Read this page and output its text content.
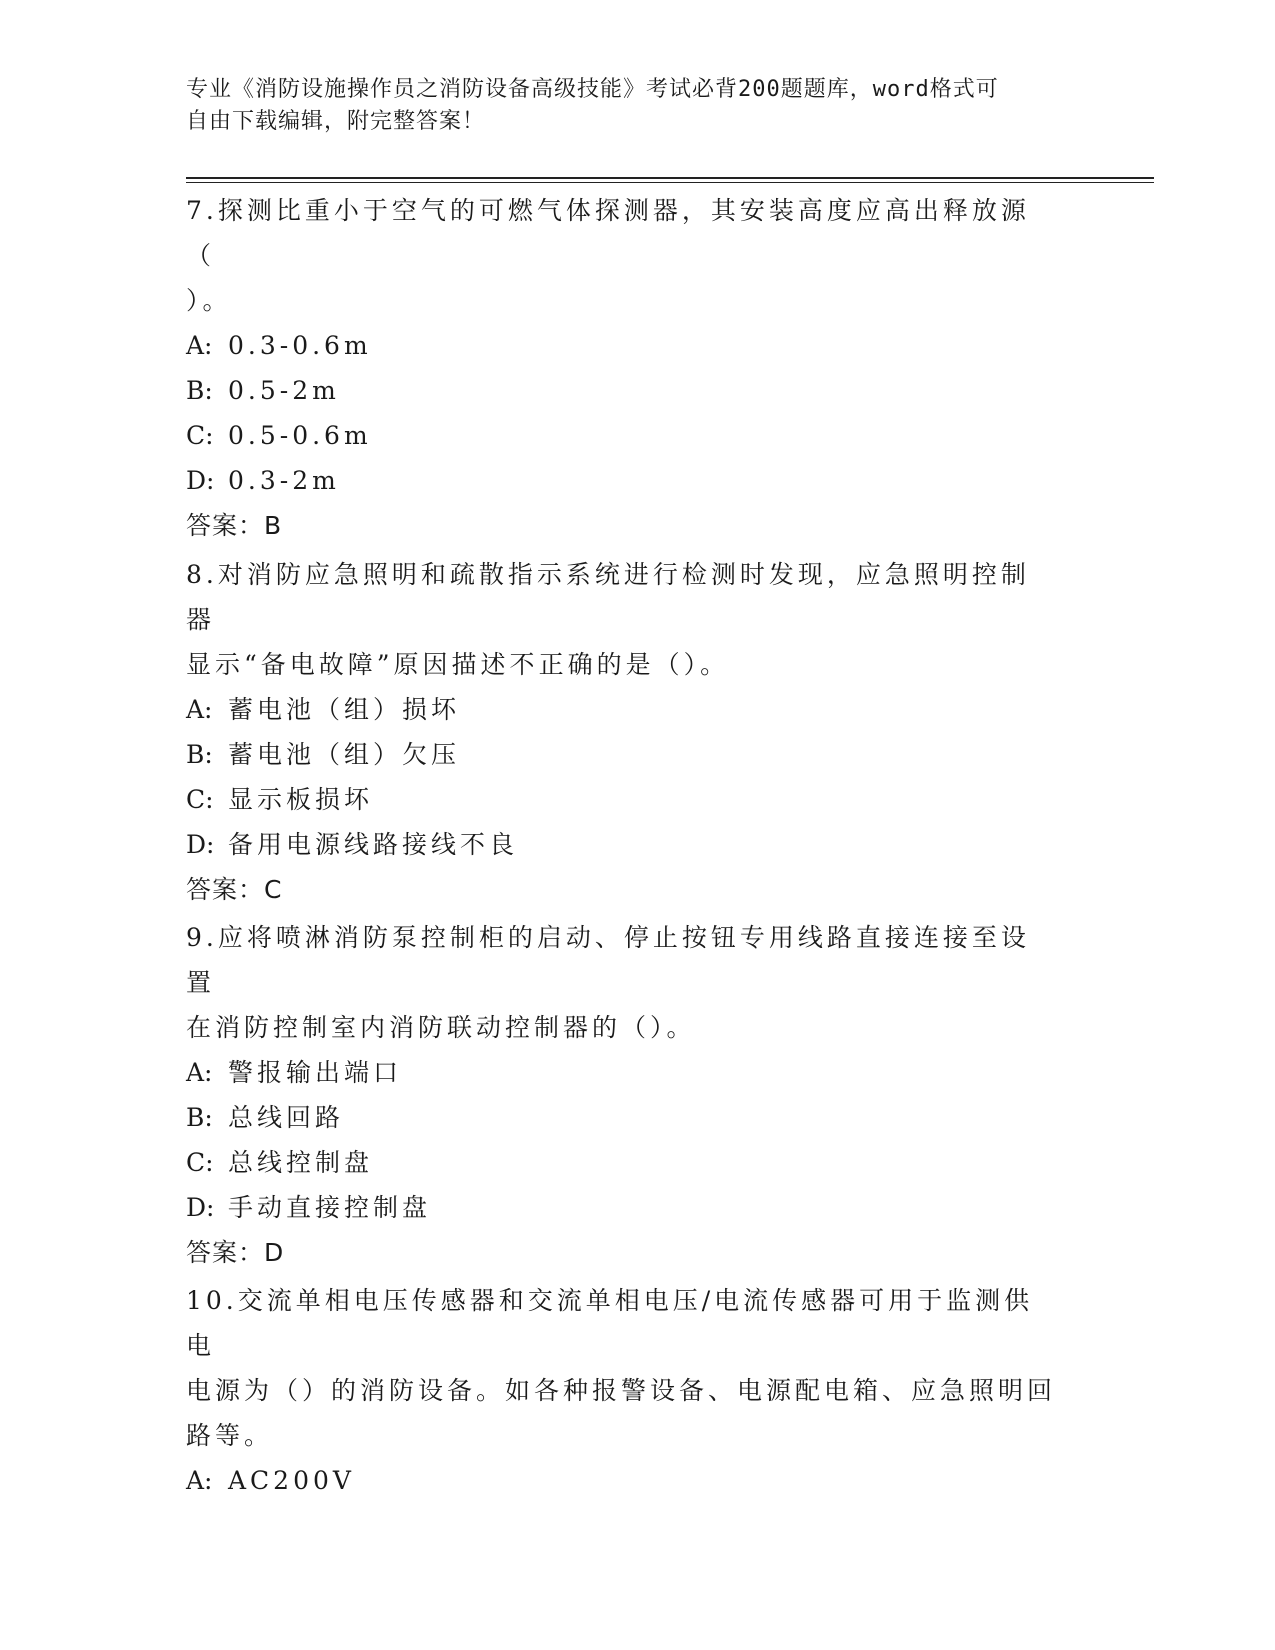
专业《消防设施操作员之消防设备高级技能》考试必背200题题库，word格式可
自由下载编辑，附完整答案！

7.探测比重小于空气的可燃气体探测器，其安装高度应高出释放源（

）。

A: 0.3-0.6m

B: 0.5-2m

C: 0.5-0.6m

D: 0.3-2m

答案：B

8.对消防应急照明和疏散指示系统进行检测时发现，应急照明控制器

显示“备电故障”原因描述不正确的是（）。

A: 蓄电池（组）损坏

B: 蓄电池（组）欠压

C: 显示板损坏

D: 备用电源线路接线不良

答案：C

9.应将喷淋消防泵控制柜的启动、停止按钮专用线路直接连接至设置

在消防控制室内消防联动控制器的（）。

A: 警报输出端口

B: 总线回路

C: 总线控制盘

D: 手动直接控制盘

答案：D

10.交流单相电压传感器和交流单相电压/电流传感器可用于监测供电

电源为（）的消防设备。如各种报警设备、电源配电箱、应急照明回

路等。

A: AC200V
